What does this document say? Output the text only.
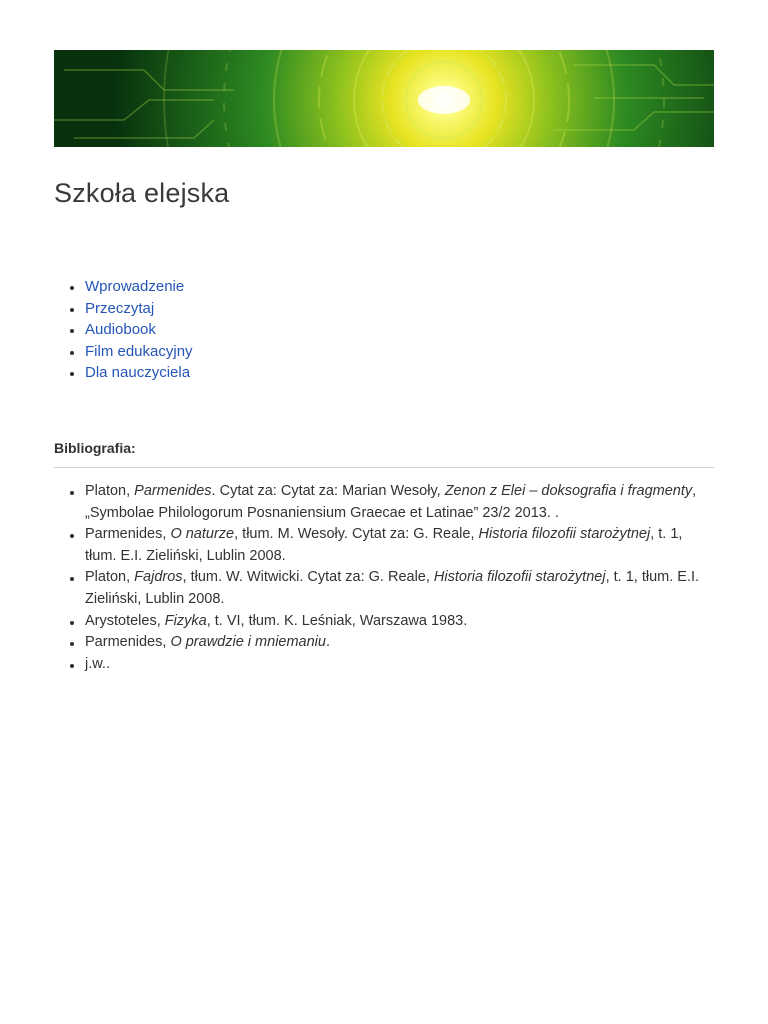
Szkoła elejska
Wprowadzenie
Przeczytaj
Audiobook
Film edukacyjny
Dla nauczyciela
Bibliografia:
Platon, Parmenides. Cytat za: Cytat za: Marian Wesoły, Zenon z Elei – doksografia i fragmenty, „Symbolae Philologorum Posnaniensium Graecae et Latinae” 23/2 2013. .
Parmenides, O naturze, tłum. M. Wesoły. Cytat za: G. Reale, Historia filozofii starożytnej, t. 1, tłum. E.I. Zieliński, Lublin 2008.
Platon, Fajdros, tłum. W. Witwicki. Cytat za: G. Reale, Historia filozofii starożytnej, t. 1, tłum. E.I. Zieliński, Lublin 2008.
Arystoteles, Fizyka, t. VI, tłum. K. Leśniak, Warszawa 1983.
Parmenides, O prawdzie i mniemaniu.
j.w..
